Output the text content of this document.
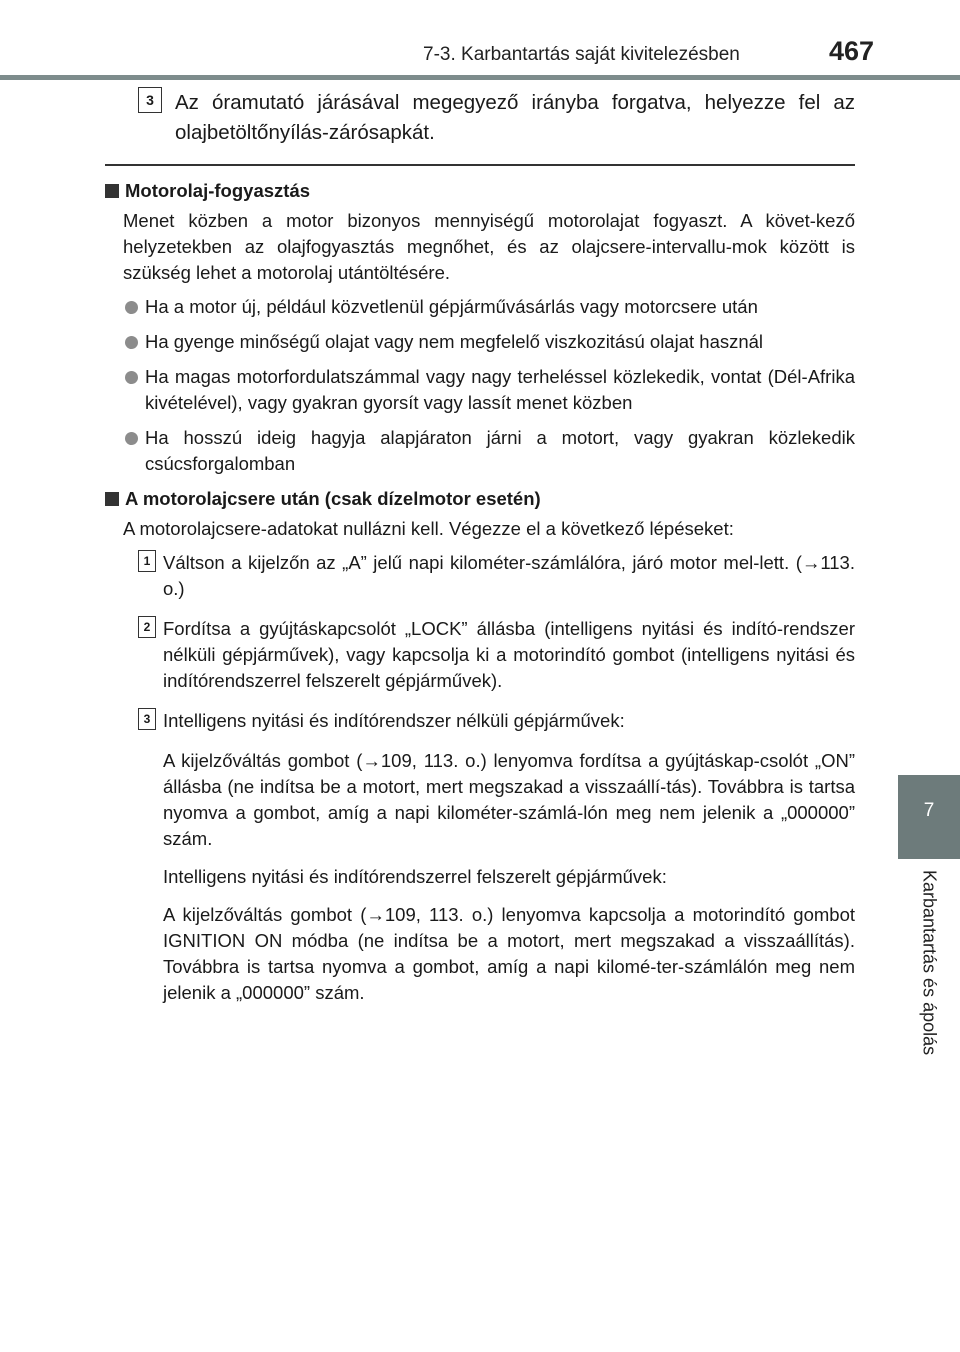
7-3. Karbantartás saját kivitelezésben	467
7
Karbantartás és ápolás
3	Az óramutató járásával megegyező irányba forgatva, helyezze fel az olajbetöltőnyílás-zárósapkát.
Motorolaj-fogyasztás

Menet közben a motor bizonyos mennyiségű motorolajat fogyaszt. A követ-kező helyzetekben az olajfogyasztás megnőhet, és az olajcsere-intervallu-mok között is szükség lehet a motorolaj utántöltésére.

Ha a motor új, például közvetlenül gépjárművásárlás vagy motorcsere után
Ha gyenge minőségű olajat vagy nem megfelelő viszkozitású olajat használ
Ha magas motorfordulatszámmal vagy nagy terheléssel közlekedik, vontat (Dél-Afrika kivételével), vagy gyakran gyorsít vagy lassít menet közben
Ha hosszú ideig hagyja alapjáraton járni a motort, vagy gyakran közlekedik csúcsforgalomban
A motorolajcsere után (csak dízelmotor esetén)

A motorolajcsere-adatokat nullázni kell. Végezze el a következő lépéseket:

1 Váltson a kijelzőn az „A” jelű napi kilométer-számlálóra, járó motor mel-lett. (→113. o.)
2 Fordítsa a gyújtáskapcsolót „LOCK” állásba (intelligens nyitási és indító-rendszer nélküli gépjárművek), vagy kapcsolja ki a motorindító gombot (intelligens nyitási és indítórendszerrel felszerelt gépjárművek).
3 Intelligens nyitási és indítórendszer nélküli gépjárművek:

A kijelzőváltás gombot (→109, 113. o.) lenyomva fordítsa a gyújtáskap-csolót „ON” állásba (ne indítsa be a motort, mert megszakad a visszaállí-tás). Továbbra is tartsa nyomva a gombot, amíg a napi kilométer-számlá-lón meg nem jelenik a „000000” szám.

Intelligens nyitási és indítórendszerrel felszerelt gépjárművek:

A kijelzőváltás gombot (→109, 113. o.) lenyomva kapcsolja a motorindító gombot IGNITION ON módba (ne indítsa be a motort, mert megszakad a visszaállítás). Továbbra is tartsa nyomva a gombot, amíg a napi kilomé-ter-számlálón meg nem jelenik a „000000” szám.
